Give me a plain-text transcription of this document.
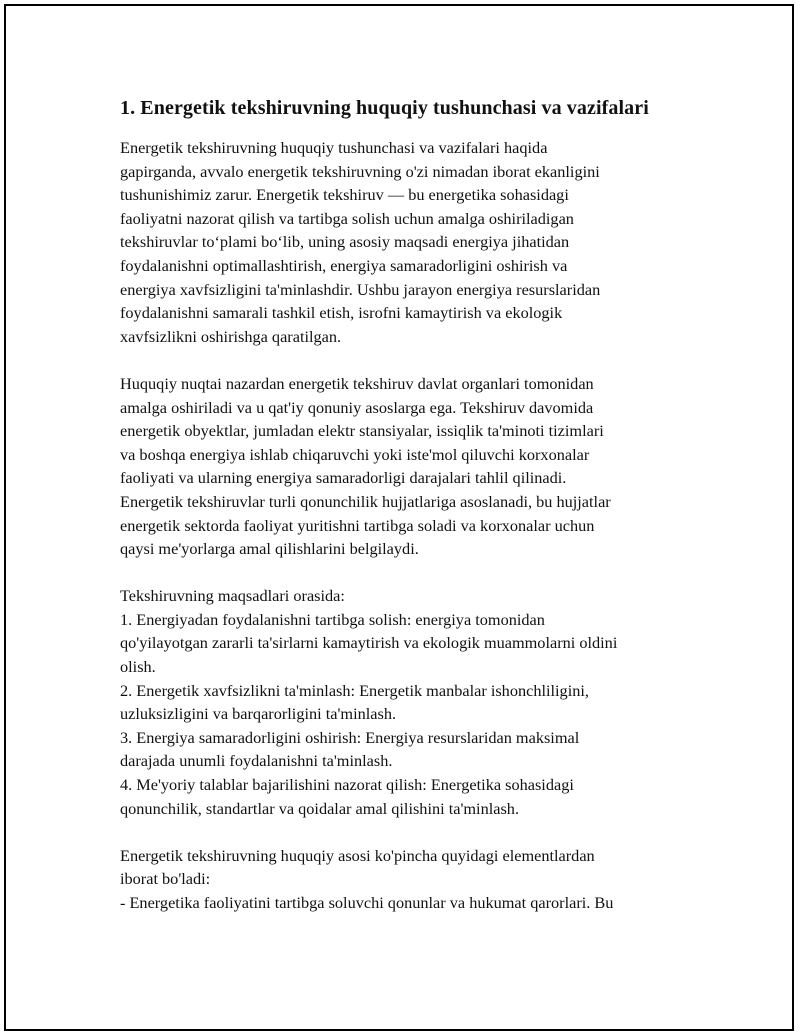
1. Energetik tekshiruvning huquqiy tushunchasi va vazifalari

Energetik tekshiruvning huquqiy tushunchasi va vazifalari haqida
gapirganda, avvalo energetik tekshiruvning o'zi nimadan iborat ekanligini
tushunishimiz zarur. Energetik tekshiruv — bu energetika sohasidagi
faoliyatni nazorat qilish va tartibga solish uchun amalga oshiriladigan
tekshiruvlar to‘plami bo‘lib, uning asosiy maqsadi energiya jihatidan
foydalanishni optimallashtirish, energiya samaradorligini oshirish va
energiya xavfsizligini ta'minlashdir. Ushbu jarayon energiya resurslaridan
foydalanishni samarali tashkil etish, isrofni kamaytirish va ekologik
xavfsizlikni oshirishga qaratilgan.

Huquqiy nuqtai nazardan energetik tekshiruv davlat organlari tomonidan
amalga oshiriladi va u qat'iy qonuniy asoslarga ega. Tekshiruv davomida
energetik obyektlar, jumladan elektr stansiyalar, issiqlik ta'minoti tizimlari
va boshqa energiya ishlab chiqaruvchi yoki iste'mol qiluvchi korxonalar
faoliyati va ularning energiya samaradorligi darajalari tahlil qilinadi.
Energetik tekshiruvlar turli qonunchilik hujjatlariga asoslanadi, bu hujjatlar
energetik sektorda faoliyat yuritishni tartibga soladi va korxonalar uchun
qaysi me'yorlarga amal qilishlarini belgilaydi.

Tekshiruvning maqsadlari orasida:
1. Energiyadan foydalanishni tartibga solish: energiya tomonidan
qo'yilayotgan zararli ta'sirlarni kamaytirish va ekologik muammolarni oldini
olish.
2. Energetik xavfsizlikni ta'minlash: Energetik manbalar ishonchliligini,
uzluksizligini va barqarorligini ta'minlash.
3. Energiya samaradorligini oshirish: Energiya resurslaridan maksimal
darajada unumli foydalanishni ta'minlash.
4. Me'yoriy talablar bajarilishini nazorat qilish: Energetika sohasidagi
qonunchilik, standartlar va qoidalar amal qilishini ta'minlash.

Energetik tekshiruvning huquqiy asosi ko'pincha quyidagi elementlardan
iborat bo'ladi:
- Energetika faoliyatini tartibga soluvchi qonunlar va hukumat qarorlari. Bu
